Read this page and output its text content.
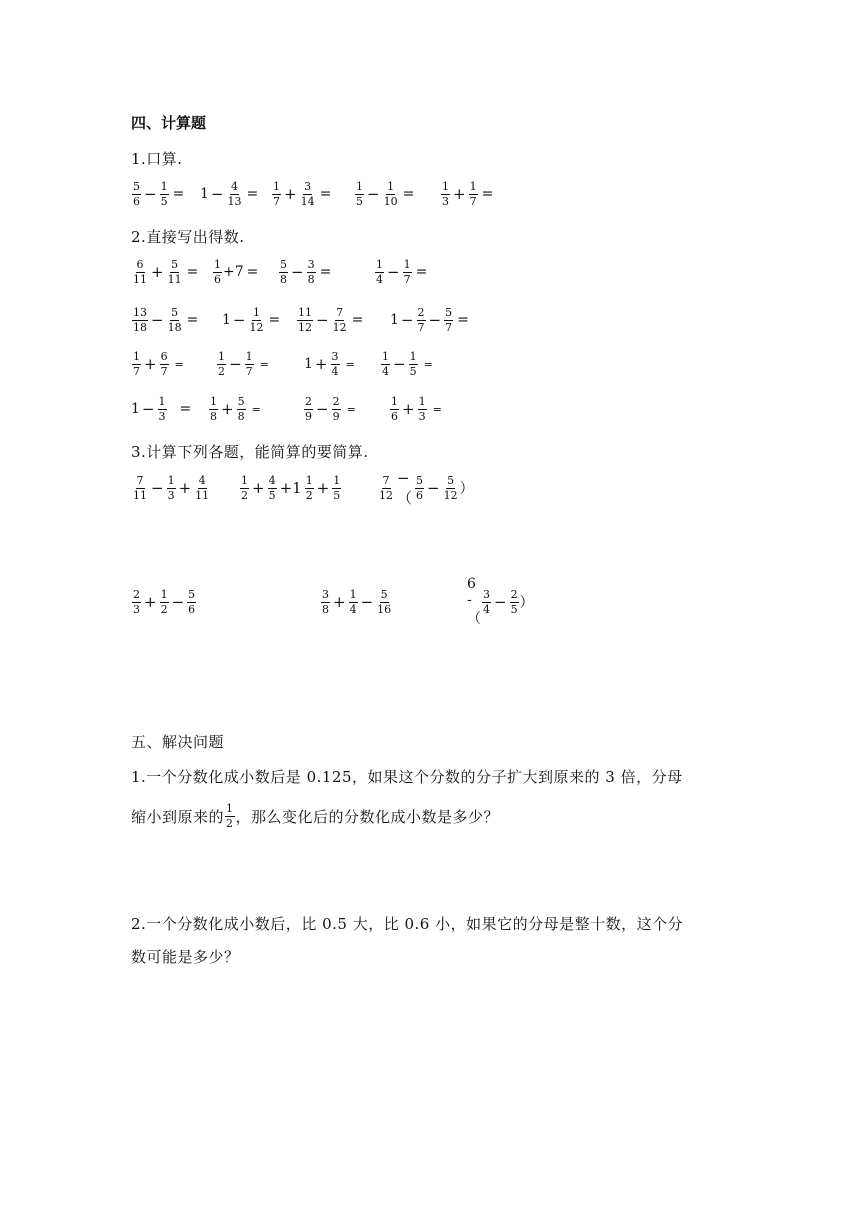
四、计算题
1.口算.
$\frac{5}{6} - \frac{1}{5} = 1 - \frac{4}{13} = \frac{1}{7} + \frac{3}{14} = \frac{1}{5} - \frac{1}{10} = \frac{1}{3} + \frac{1}{7}$ =
2.直接写出得数.
$\frac{6}{11} + \frac{5}{11} = \frac{1}{6} +7 = \frac{5}{8} - \frac{3}{8}$ =	$\frac{1}{4} - \frac{1}{7}$ =
$\frac{13}{18} - \frac{5}{18} = 1 - \frac{1}{12} = \frac{11}{12} - \frac{7}{12} = 1 - \frac{2}{7} - \frac{5}{7}$ =
$\frac{1}{7} + \frac{6}{7}$ =	$\frac{1}{2} - \frac{1}{7}$ =	$1 + \frac{3}{4} = \frac{1}{4} - \frac{1}{5}$ =
$1 - \frac{1}{3} = \frac{1}{8} + \frac{5}{8}$ =	$\frac{2}{9} - \frac{2}{9}$ =	$\frac{1}{6} + \frac{1}{3}$ =
3.计算下列各题，能简算的要简算.
$\frac{7}{11} - \frac{1}{3} + \frac{4}{11}$	$\frac{1}{2} + \frac{4}{5} +1 \frac{1}{2} + \frac{1}{5}$	$\frac{7}{12}$ −（ $\frac{5}{6} - \frac{5}{12}$ ）
$\frac{2}{3} + \frac{1}{2} - \frac{5}{6}$	$\frac{3}{8} + \frac{1}{4} - \frac{5}{16}$
6 - （
$\frac{3}{4} - \frac{2}{5}$ ）
五、解决问题
1.一个分数化成小数后是 0.125，如果这个分数的分子扩大到原来的 3 倍，分母
缩小到原来的 $\frac{1}{2}$ ，那么变化后的分数化成小数是多少？
2.一个分数化成小数后，比 0.5 大，比 0.6 小，如果它的分母是整十数，这个分
数可能是多少？
